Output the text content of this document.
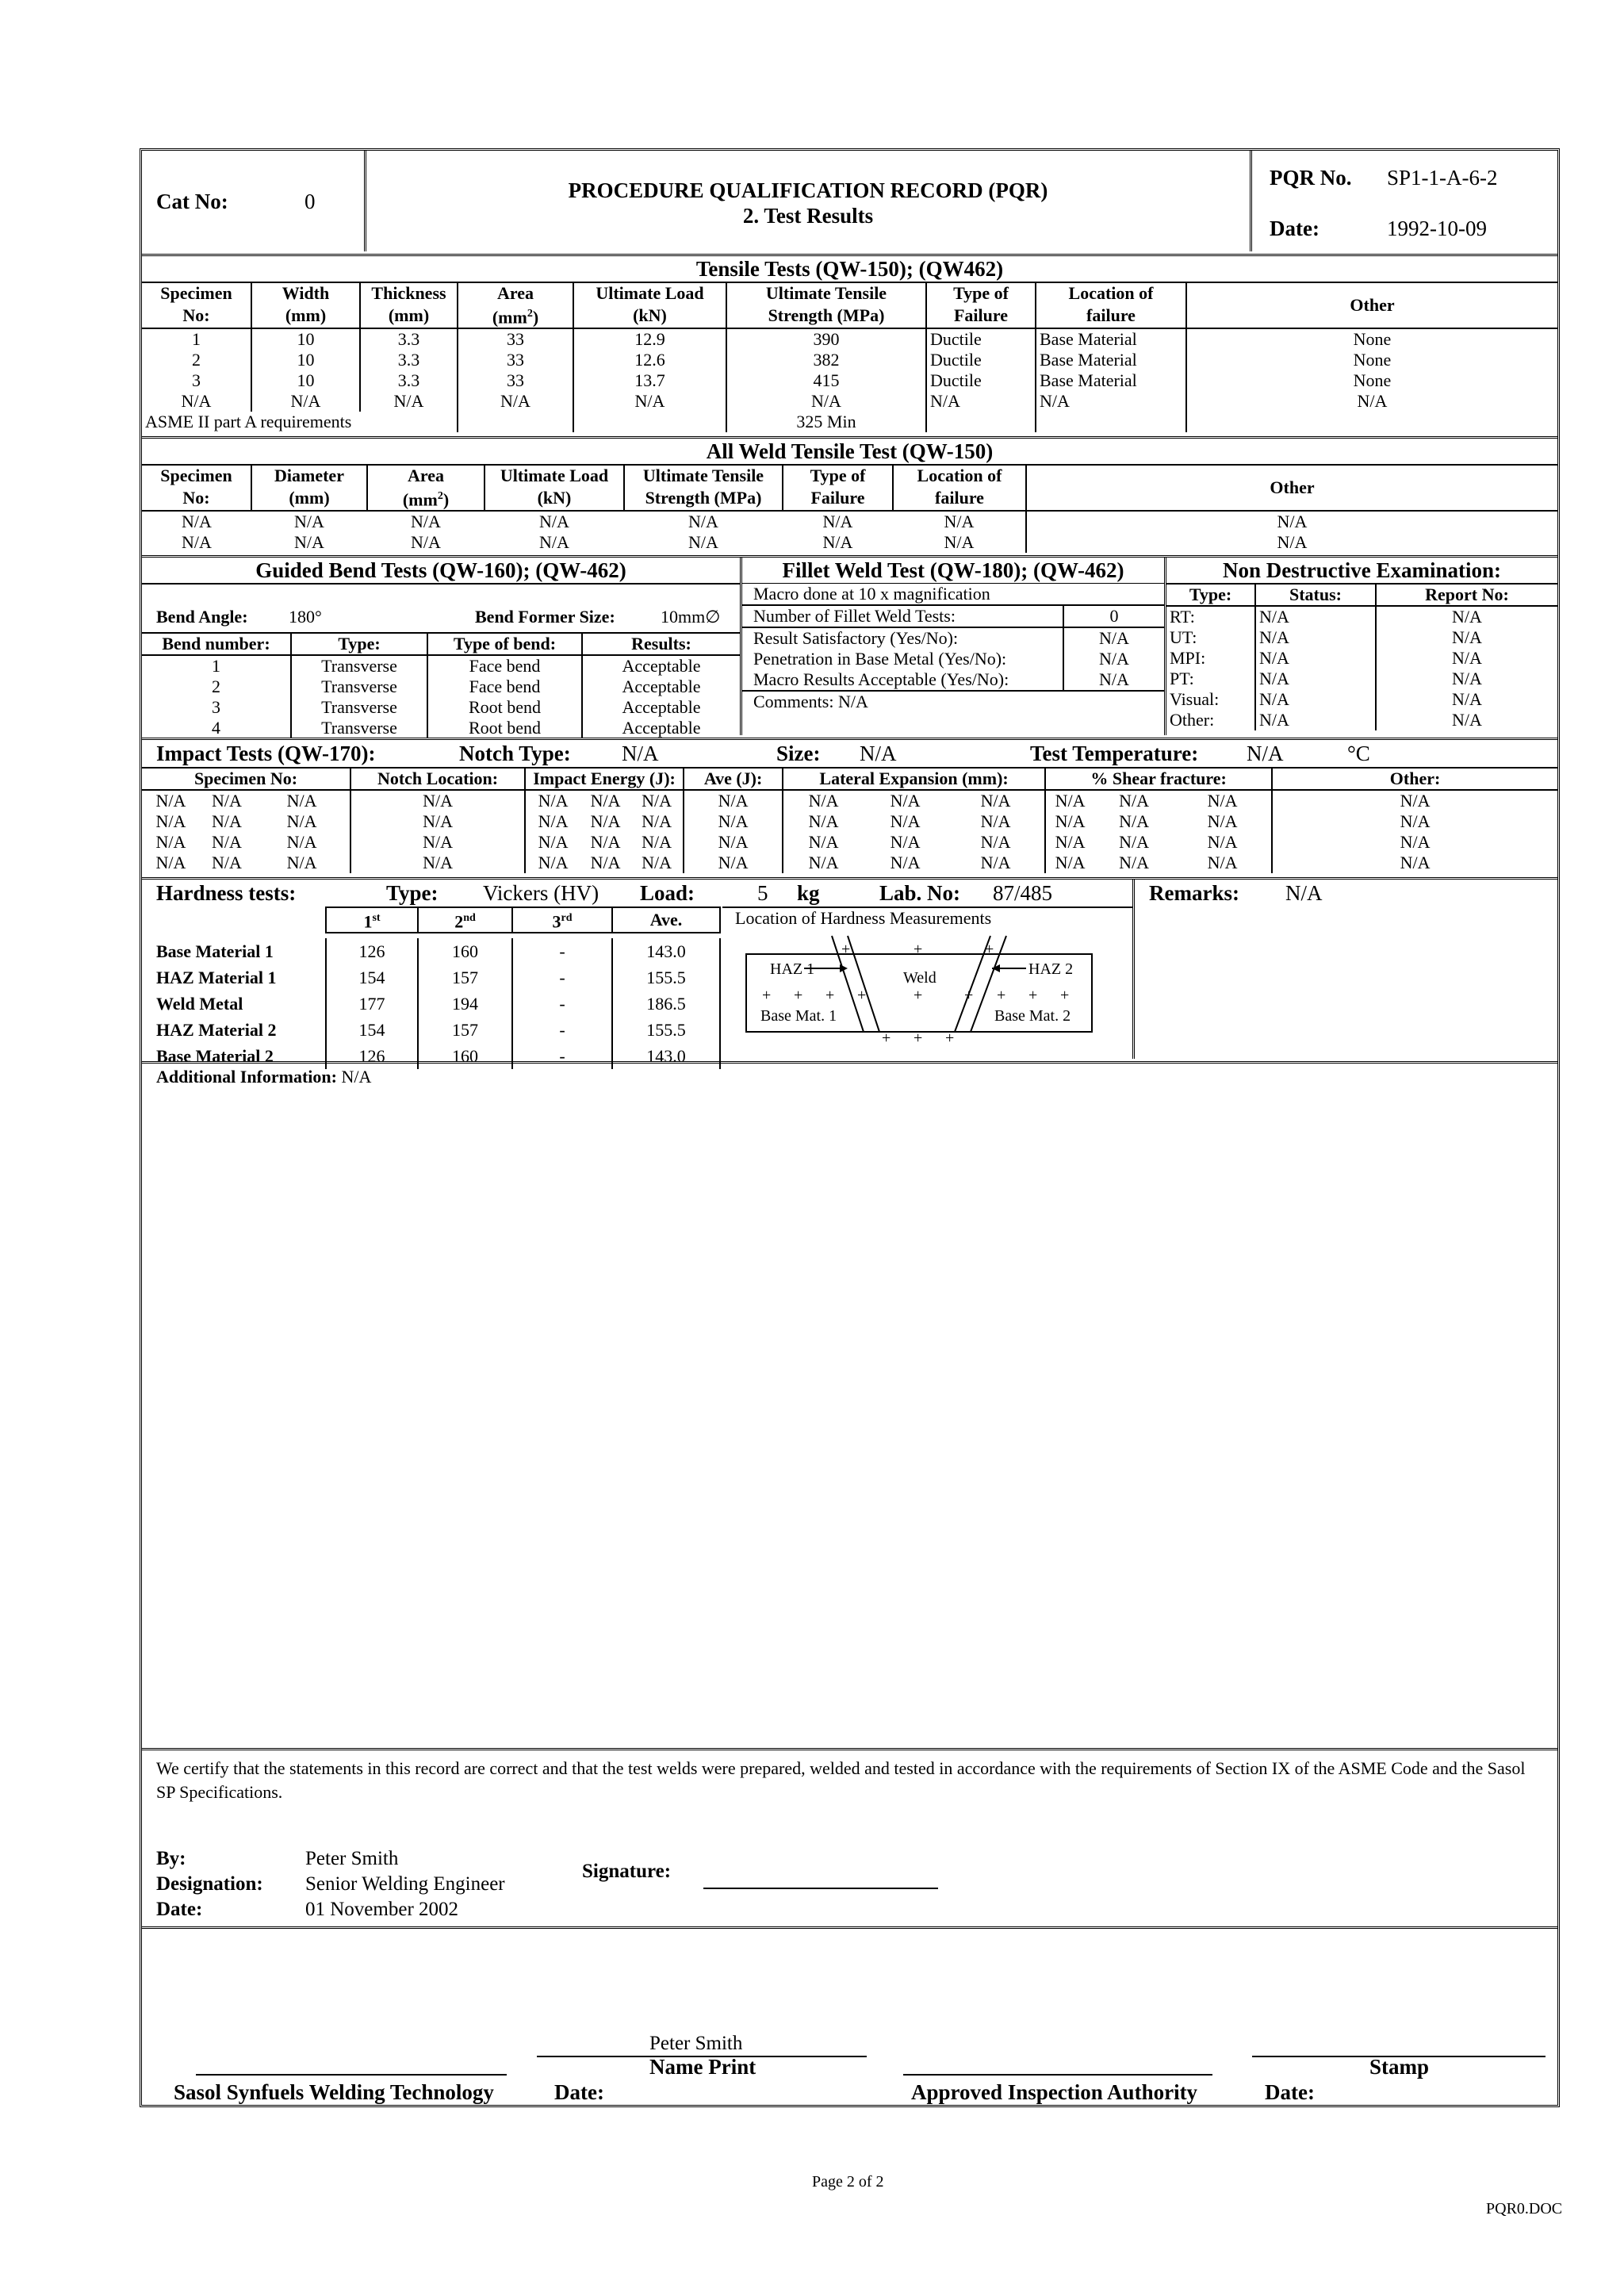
Cat No:	0	PROCEDURE QUALIFICATION RECORD (PQR)
2. Test Results
PQR No. SP1-1-A-6-2
Date:	1992-10-09
Tensile Tests (QW-150); (QW462)
Specimen	Width	Thickness	Area	Ultimate Load	Ultimate Tensile	Type of	Location of	Other
No:	(mm)	(mm)	$(mm^2)$	(kN)	Strength (MPa)	Failure	failure	
1	10	3.3	33	12.9	390	Ductile	Base Material	None
2	10	3.3	33	12.6	382	Ductile	Base Material	None
3	10	3.3	33	13.7	415	Ductile	Base Material	None
N/A	N/A	N/A	N/A	N/A	N/A	N/A	N/A	N/A
ASME II part A requirements					325 Min			
All Weld Tensile Test (QW-150)
Specimen	Diameter	Area	Ultimate Load	Ultimate Tensile	Type of	Location of	Other
No:	(mm)	$(mm^2)$	(kN)	Strength (MPa)	Failure	failure	
N/A	N/A	N/A	N/A	N/A	N/A	N/A	N/A
N/A	N/A	N/A	N/A	N/A	N/A	N/A	N/A
Guided Bend Tests (QW-160); (QW-462)
Bend Angle: 180°	Bend Former Size:	10mm∅
Bend number:	Type:	Type of bend:	Results:
1	Transverse	Face bend	Acceptable
2	Transverse	Face bend	Acceptable
3	Transverse	Root bend	Acceptable
4	Transverse	Root bend	Acceptable
Fillet Weld Test (QW-180); (QW-462)
Macro done at 10 x magnification
Number of Fillet Weld Tests:	0
Result Satisfactory (Yes/No):	N/A
Penetration in Base Metal (Yes/No):	N/A
Macro Results Acceptable (Yes/No):	N/A
Comments: N/A	
Non Destructive Examination:
Type:	Status:	Report No:
RT:	N/A	N/A
UT:	N/A	N/A
MPI:	N/A	N/A
PT:	N/A	N/A
Visual:	N/A	N/A
Other:	N/A	N/A
Impact Tests (QW-170):	Notch Type: N/A	Size: N/A	Test Temperature: N/A	°C
Specimen No:			Notch Location:	Impact Energy (J):			Ave (J):	Lateral Expansion (mm):			% Shear fracture:			Other:
N/A	N/A	N/A	N/A	N/A	N/A	N/A	N/A	N/A	N/A	N/A	N/A	N/A	N/A	N/A
N/A	N/A	N/A	N/A	N/A	N/A	N/A	N/A	N/A	N/A	N/A	N/A	N/A	N/A	N/A
N/A	N/A	N/A	N/A	N/A	N/A	N/A	N/A	N/A	N/A	N/A	N/A	N/A	N/A	N/A
N/A	N/A	N/A	N/A	N/A	N/A	N/A	N/A	N/A	N/A	N/A	N/A	N/A	N/A	N/A
Hardness tests:	Type: Vickers (HV) Load:	5 kg	Lab. No: 87/485
	1st	2nd	3rd	Ave.
Base Material 1	126	160	-	143.0
HAZ Material 1	154	157	-	155.5
Weld Metal	177	194	-	186.5
HAZ Material 2	154	157	-	155.5
Base Material 2	126	160	-	143.0
Location of Hardness Measurements
HAZ 1	HAZ 2
Weld
Base Mat. 1	Base Mat. 2
+	+	+
+ + + +	+	+ + + +
+ + +
Remarks: N/A
Additional Information: N/A
We certify that the statements in this record are correct and that the test welds were prepared, welded and tested in accordance with the requirements of Section IX of the ASME Code and the Sasol SP Specifications.
By:	Peter Smith
Designation: Senior Welding Engineer
Date:	01 November 2002
Signature:
Sasol Synfuels Welding Technology
Peter Smith
Name Print
Date:	Approved Inspection Authority
Stamp
Date:
Page 2 of 2
PQR0.DOC
